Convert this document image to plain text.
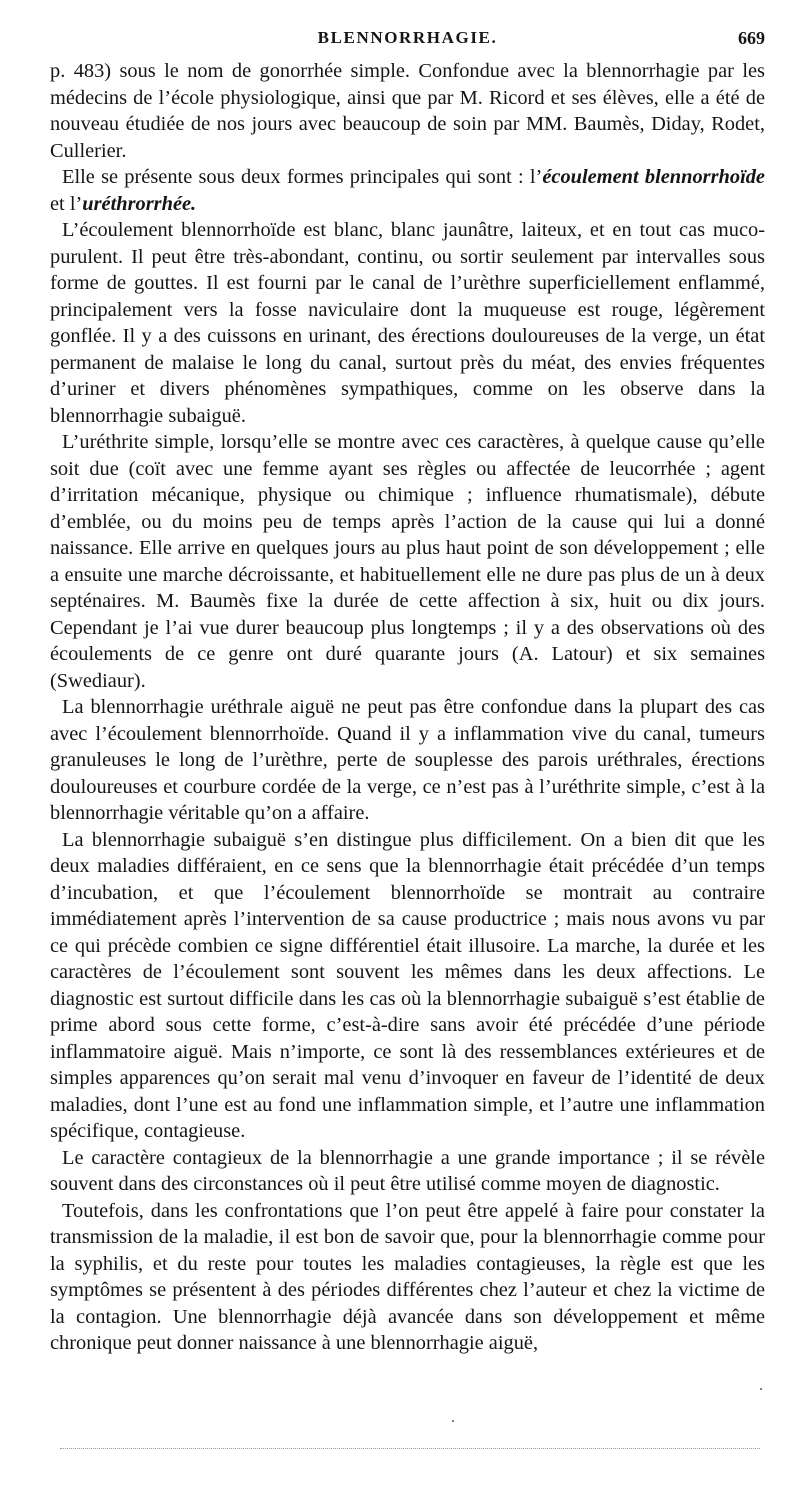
BLENNORRHAGIE.	669

p. 483) sous le nom de gonorrhée simple. Confondue avec la blennorrhagie par les médecins de l’école physiologique, ainsi que par M. Ricord et ses élèves, elle a été de nouveau étudiée de nos jours avec beaucoup de soin par MM. Baumès, Diday, Rodet, Cullerier.

Elle se présente sous deux formes principales qui sont : l’écoulement blennorrhoïde et l’uréthrorrhée.

L’écoulement blennorrhoïde est blanc, blanc jaunâtre, laiteux, et en tout cas muco-purulent. Il peut être très-abondant, continu, ou sortir seulement par intervalles sous forme de gouttes. Il est fourni par le canal de l’urèthre superficiellement enflammé, principalement vers la fosse naviculaire dont la muqueuse est rouge, légèrement gonflée. Il y a des cuissons en urinant, des érections douloureuses de la verge, un état permanent de malaise le long du canal, surtout près du méat, des envies fréquentes d’uriner et divers phénomènes sympathiques, comme on les observe dans la blennorrhagie subaiguë.

L’uréthrite simple, lorsqu’elle se montre avec ces caractères, à quelque cause qu’elle soit due (coït avec une femme ayant ses règles ou affectée de leucorrhée ; agent d’irritation mécanique, physique ou chimique ; influence rhumatismale), débute d’emblée, ou du moins peu de temps après l’action de la cause qui lui a donné naissance. Elle arrive en quelques jours au plus haut point de son développement ; elle a ensuite une marche décroissante, et habituellement elle ne dure pas plus de un à deux septénaires. M. Baumès fixe la durée de cette affection à six, huit ou dix jours. Cependant je l’ai vue durer beaucoup plus longtemps ; il y a des observations où des écoulements de ce genre ont duré quarante jours (A. Latour) et six semaines (Swediaur).

La blennorrhagie uréthrale aiguë ne peut pas être confondue dans la plupart des cas avec l’écoulement blennorrhoïde. Quand il y a inflammation vive du canal, tumeurs granuleuses le long de l’urèthre, perte de souplesse des parois uréthrales, érections douloureuses et courbure cordée de la verge, ce n’est pas à l’uréthrite simple, c’est à la blennorrhagie véritable qu’on a affaire.

La blennorrhagie subaiguë s’en distingue plus difficilement. On a bien dit que les deux maladies différaient, en ce sens que la blennorrhagie était précédée d’un temps d’incubation, et que l’écoulement blennorrhoïde se montrait au contraire immédiatement après l’intervention de sa cause productrice ; mais nous avons vu par ce qui précède combien ce signe différentiel était illusoire. La marche, la durée et les caractères de l’écoulement sont souvent les mêmes dans les deux affections. Le diagnostic est surtout difficile dans les cas où la blennorrhagie subaiguë s’est établie de prime abord sous cette forme, c’est-à-dire sans avoir été précédée d’une période inflammatoire aiguë. Mais n’importe, ce sont là des ressemblances extérieures et de simples apparences qu’on serait mal venu d’invoquer en faveur de l’identité de deux maladies, dont l’une est au fond une inflammation simple, et l’autre une inflammation spécifique, contagieuse.

Le caractère contagieux de la blennorrhagie a une grande importance ; il se révèle souvent dans des circonstances où il peut être utilisé comme moyen de diagnostic.

Toutefois, dans les confrontations que l’on peut être appelé à faire pour constater la transmission de la maladie, il est bon de savoir que, pour la blennorrhagie comme pour la syphilis, et du reste pour toutes les maladies contagieuses, la règle est que les symptômes se présentent à des périodes différentes chez l’auteur et chez la victime de la contagion. Une blennorrhagie déjà avancée dans son développement et même chronique peut donner naissance à une blennorrhagie aiguë,
